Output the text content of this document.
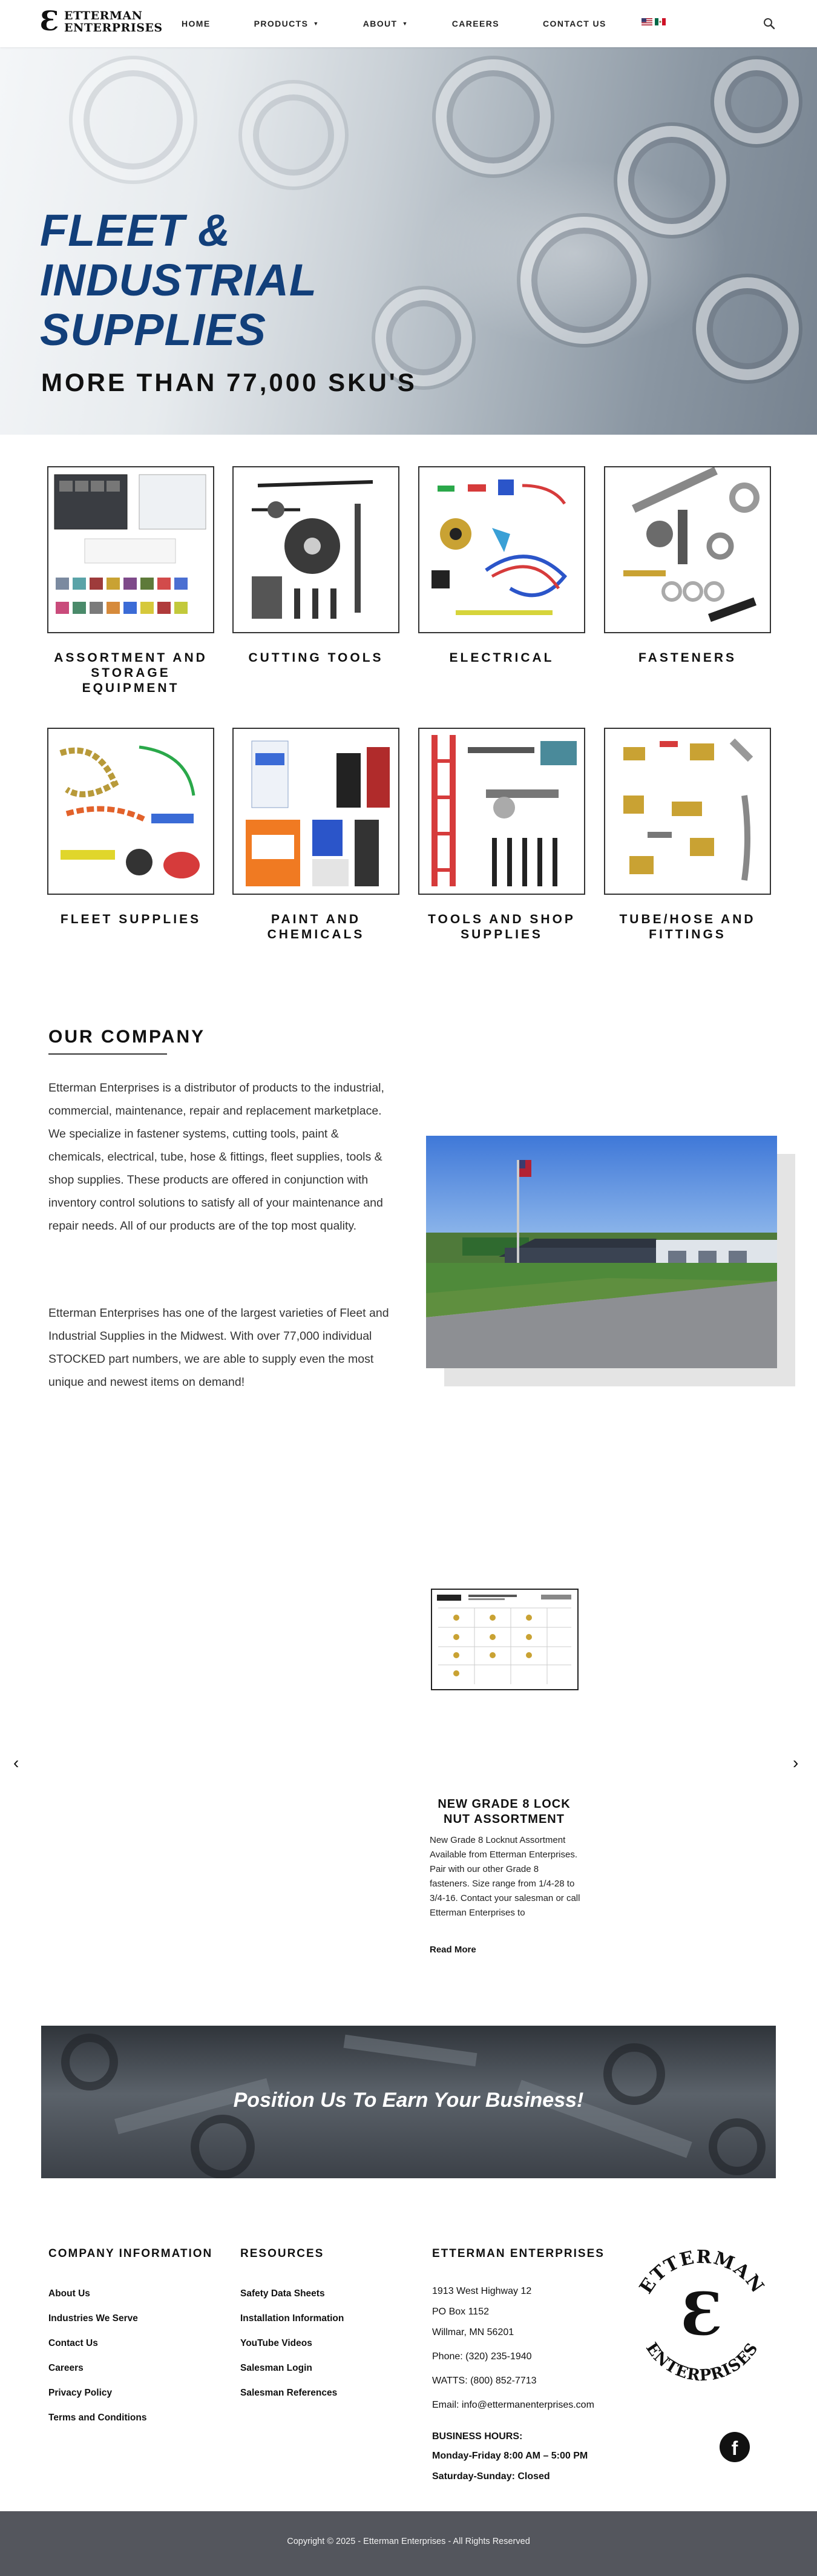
Ɛ ETTERMAN
ENTERPRISES HOME	PRODUCTS ▼	ABOUT ▼	CAREERS	CONTACT US
FLEET &
INDUSTRIAL
SUPPLIES
MORE THAN 77,000 SKU'S
ASSORTMENT AND STORAGE EQUIPMENT
CUTTING TOOLS	ELECTRICAL	FASTENERS
FLEET SUPPLIES	PAINT AND CHEMICALS
TOOLS AND SHOP SUPPLIES
TUBE/HOSE AND FITTINGS
OUR COMPANY
Etterman Enterprises is a distributor of products to the industrial, commercial, maintenance, repair and replacement marketplace. We specialize in fastener systems, cutting tools, paint & chemicals, electrical, tube, hose & fittings, fleet supplies, tools & shop supplies. These products are offered in conjunction with inventory control solutions to satisfy all of your maintenance and repair needs. All of our products are of the top most quality.
Etterman Enterprises has one of the largest varieties of Fleet and Industrial Supplies in the Midwest. With over 77,000 individual STOCKED part numbers, we are able to supply even the most unique and newest items on demand!
‹	›
NEW GRADE 8 LOCK NUT ASSORTMENT
New Grade 8 Locknut Assortment Available from Etterman Enterprises. Pair with our other Grade 8 fasteners. Size range from 1/4-28 to 3/4-16. Contact your salesman or call Etterman Enterprises to
Read More
Position Us To Earn Your Business!
COMPANY INFORMATION
About Us
Industries We Serve
Contact Us
Careers
Privacy Policy
Terms and Conditions
RESOURCES
Safety Data Sheets
Installation Information
YouTube Videos
Salesman Login
Salesman References
ETTERMAN ENTERPRISES
1913 West Highway 12
PO Box 1152
Willmar, MN 56201
Phone: (320) 235-1940
WATTS: (800) 852-7713
Email: info@ettermanenterprises.com
BUSINESS HOURS:
Monday-Friday 8:00 AM – 5:00 PM
Saturday-Sunday: Closed
ETTERMAN
ENTERPRISES
Ɛ
f
Copyright © 2025 - Etterman Enterprises - All Rights Reserved
